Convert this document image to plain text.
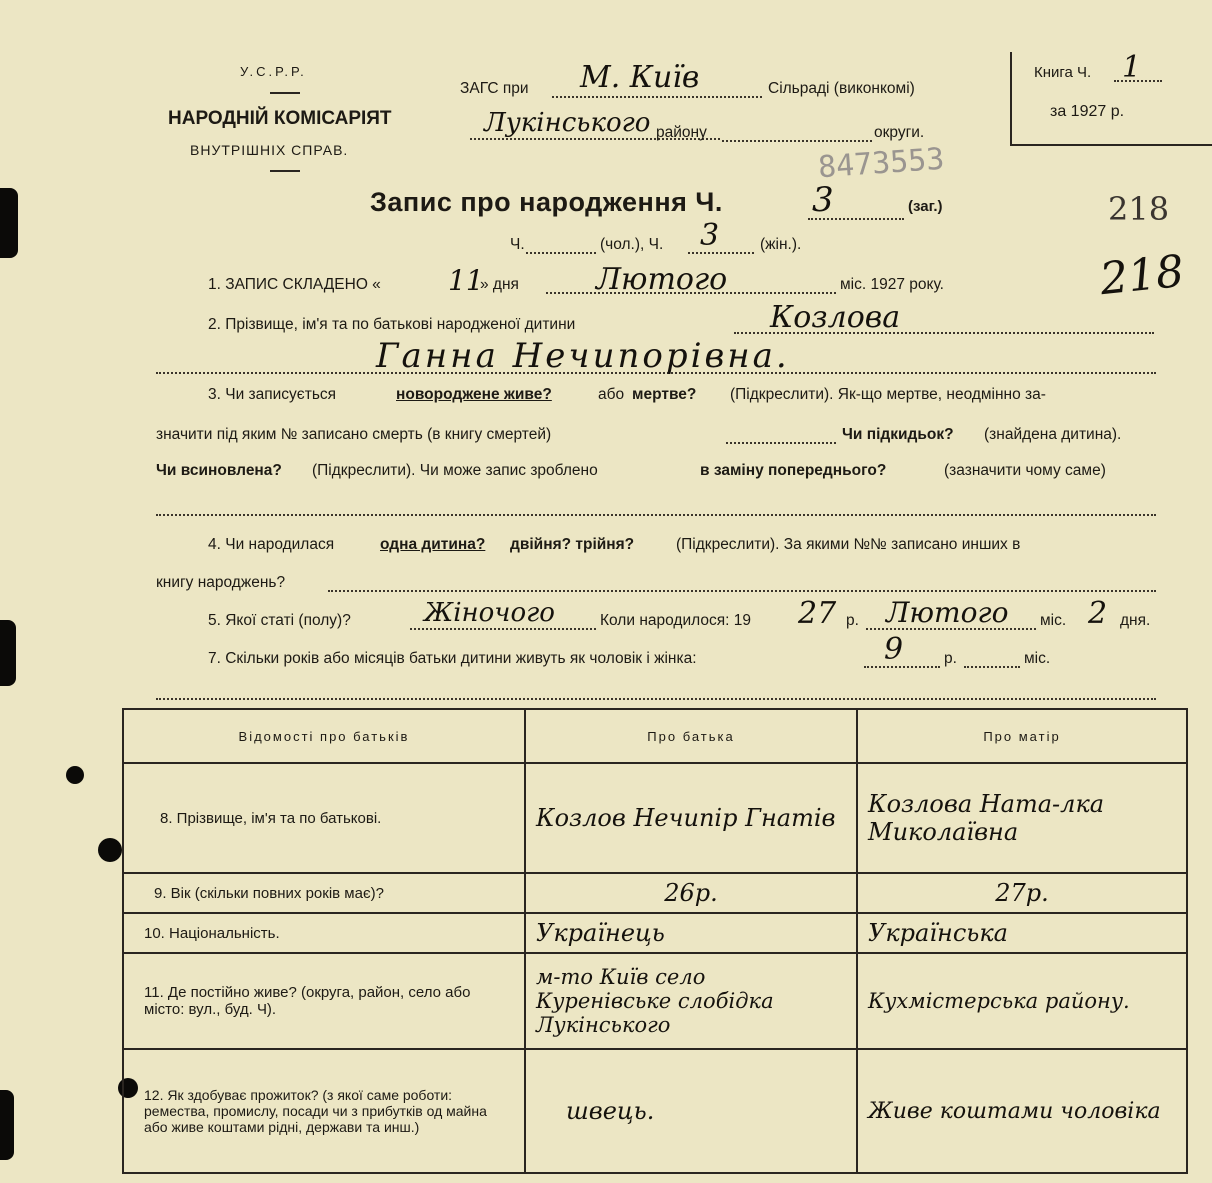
У.С.Р.Р.
НАРОДНІЙ КОМІСАРІЯТ
ВНУТРІШНІХ СПРАВ.
ЗАГС при М. Київ	Сільраді (виконкомі)
Лукінського району	округи.
8473553
Книга Ч. 1
за 1927 р.
218
218
Запис про народження Ч.	3	(заг.)
Ч.	(чол.), Ч. 3	(жін.).
1. ЗАПИС СКЛАДЕНО « 11
» дня	Лютого	міс. 1927 року.
2. Прізвище, ім'я та по батькові народженої дитини	Козлова
Ганна Нечипорівна.
3. Чи записується	новороджене живе?	або мертве? (Підкреслити). Як-що мертве, неодмінно за-
значити під яким № записано смерть (в книгу смертей)	Чи підкидьок? (знайдена дитина).
Чи всиновлена? (Підкреслити). Чи може запис зроблено	в заміну попереднього?	(зазначити чому саме)
4. Чи народилася	одна дитина? двійня? трійня?	(Підкреслити). За якими №№ записано инших в
книгу народжень?
5. Якої статі (полу)?	Жіночого	Коли народилося: 19 27 р. Лютого міс. 2 дня.
7. Скільки років або місяців батьки дитини живуть як чоловік і жінка:	9	р.	міс.
Відомості про батьків	Про батька	Про матір
8. Прізвище, ім'я та по батькові.	Козлов Нечипір Гнатів	Козлова Ната-лка Миколаївна
9. Вік (скільки повних років має)?	26р.	27р.
10. Національність.	Українець	Українська
11. Де постійно живе? (округа, район, село або місто: вул., буд. Ч).	м-то Київ село Куренівське слобідка Лукінського	Кухмістерська району.
12. Як здобуває прожиток? (з якої саме роботи: ремества, промислу, посади чи з прибутків од майна або живе коштами рідні, держави та инш.)	швець.	Живе коштами чоловіка
